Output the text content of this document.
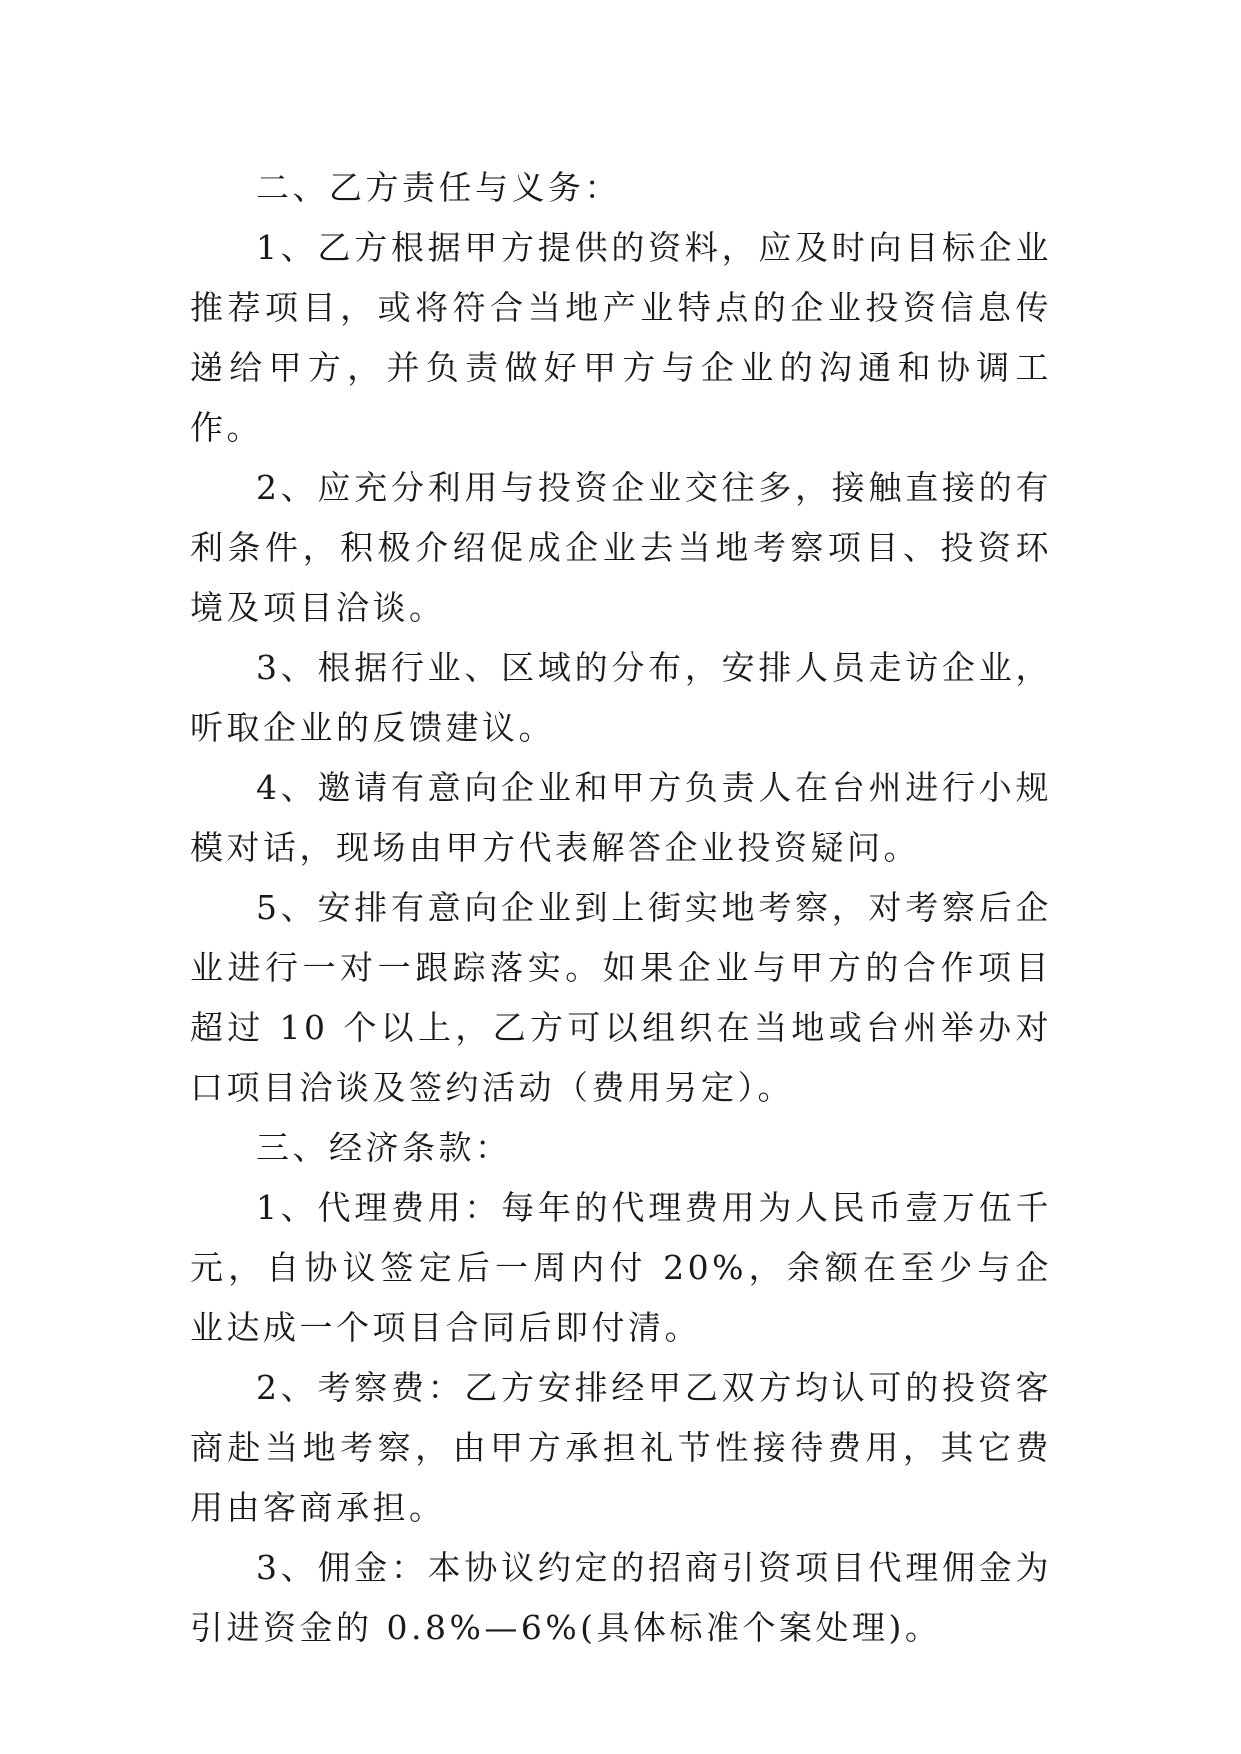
二、乙方责任与义务：

1、乙方根据甲方提供的资料，应及时向目标企业推荐项目，或将符合当地产业特点的企业投资信息传递给甲方，并负责做好甲方与企业的沟通和协调工作。

2、应充分利用与投资企业交往多，接触直接的有利条件，积极介绍促成企业去当地考察项目、投资环境及项目洽谈。

3、根据行业、区域的分布，安排人员走访企业，听取企业的反馈建议。

4、邀请有意向企业和甲方负责人在台州进行小规模对话，现场由甲方代表解答企业投资疑问。

5、安排有意向企业到上街实地考察，对考察后企业进行一对一跟踪落实。如果企业与甲方的合作项目超过 10 个以上，乙方可以组织在当地或台州举办对口项目洽谈及签约活动（费用另定）。

三、经济条款：

1、代理费用：每年的代理费用为人民币壹万伍千元，自协议签定后一周内付 20%，余额在至少与企业达成一个项目合同后即付清。

2、考察费：乙方安排经甲乙双方均认可的投资客商赴当地考察，由甲方承担礼节性接待费用，其它费用由客商承担。

3、佣金：本协议约定的招商引资项目代理佣金为引进资金的 0.8%—6%(具体标准个案处理)。
